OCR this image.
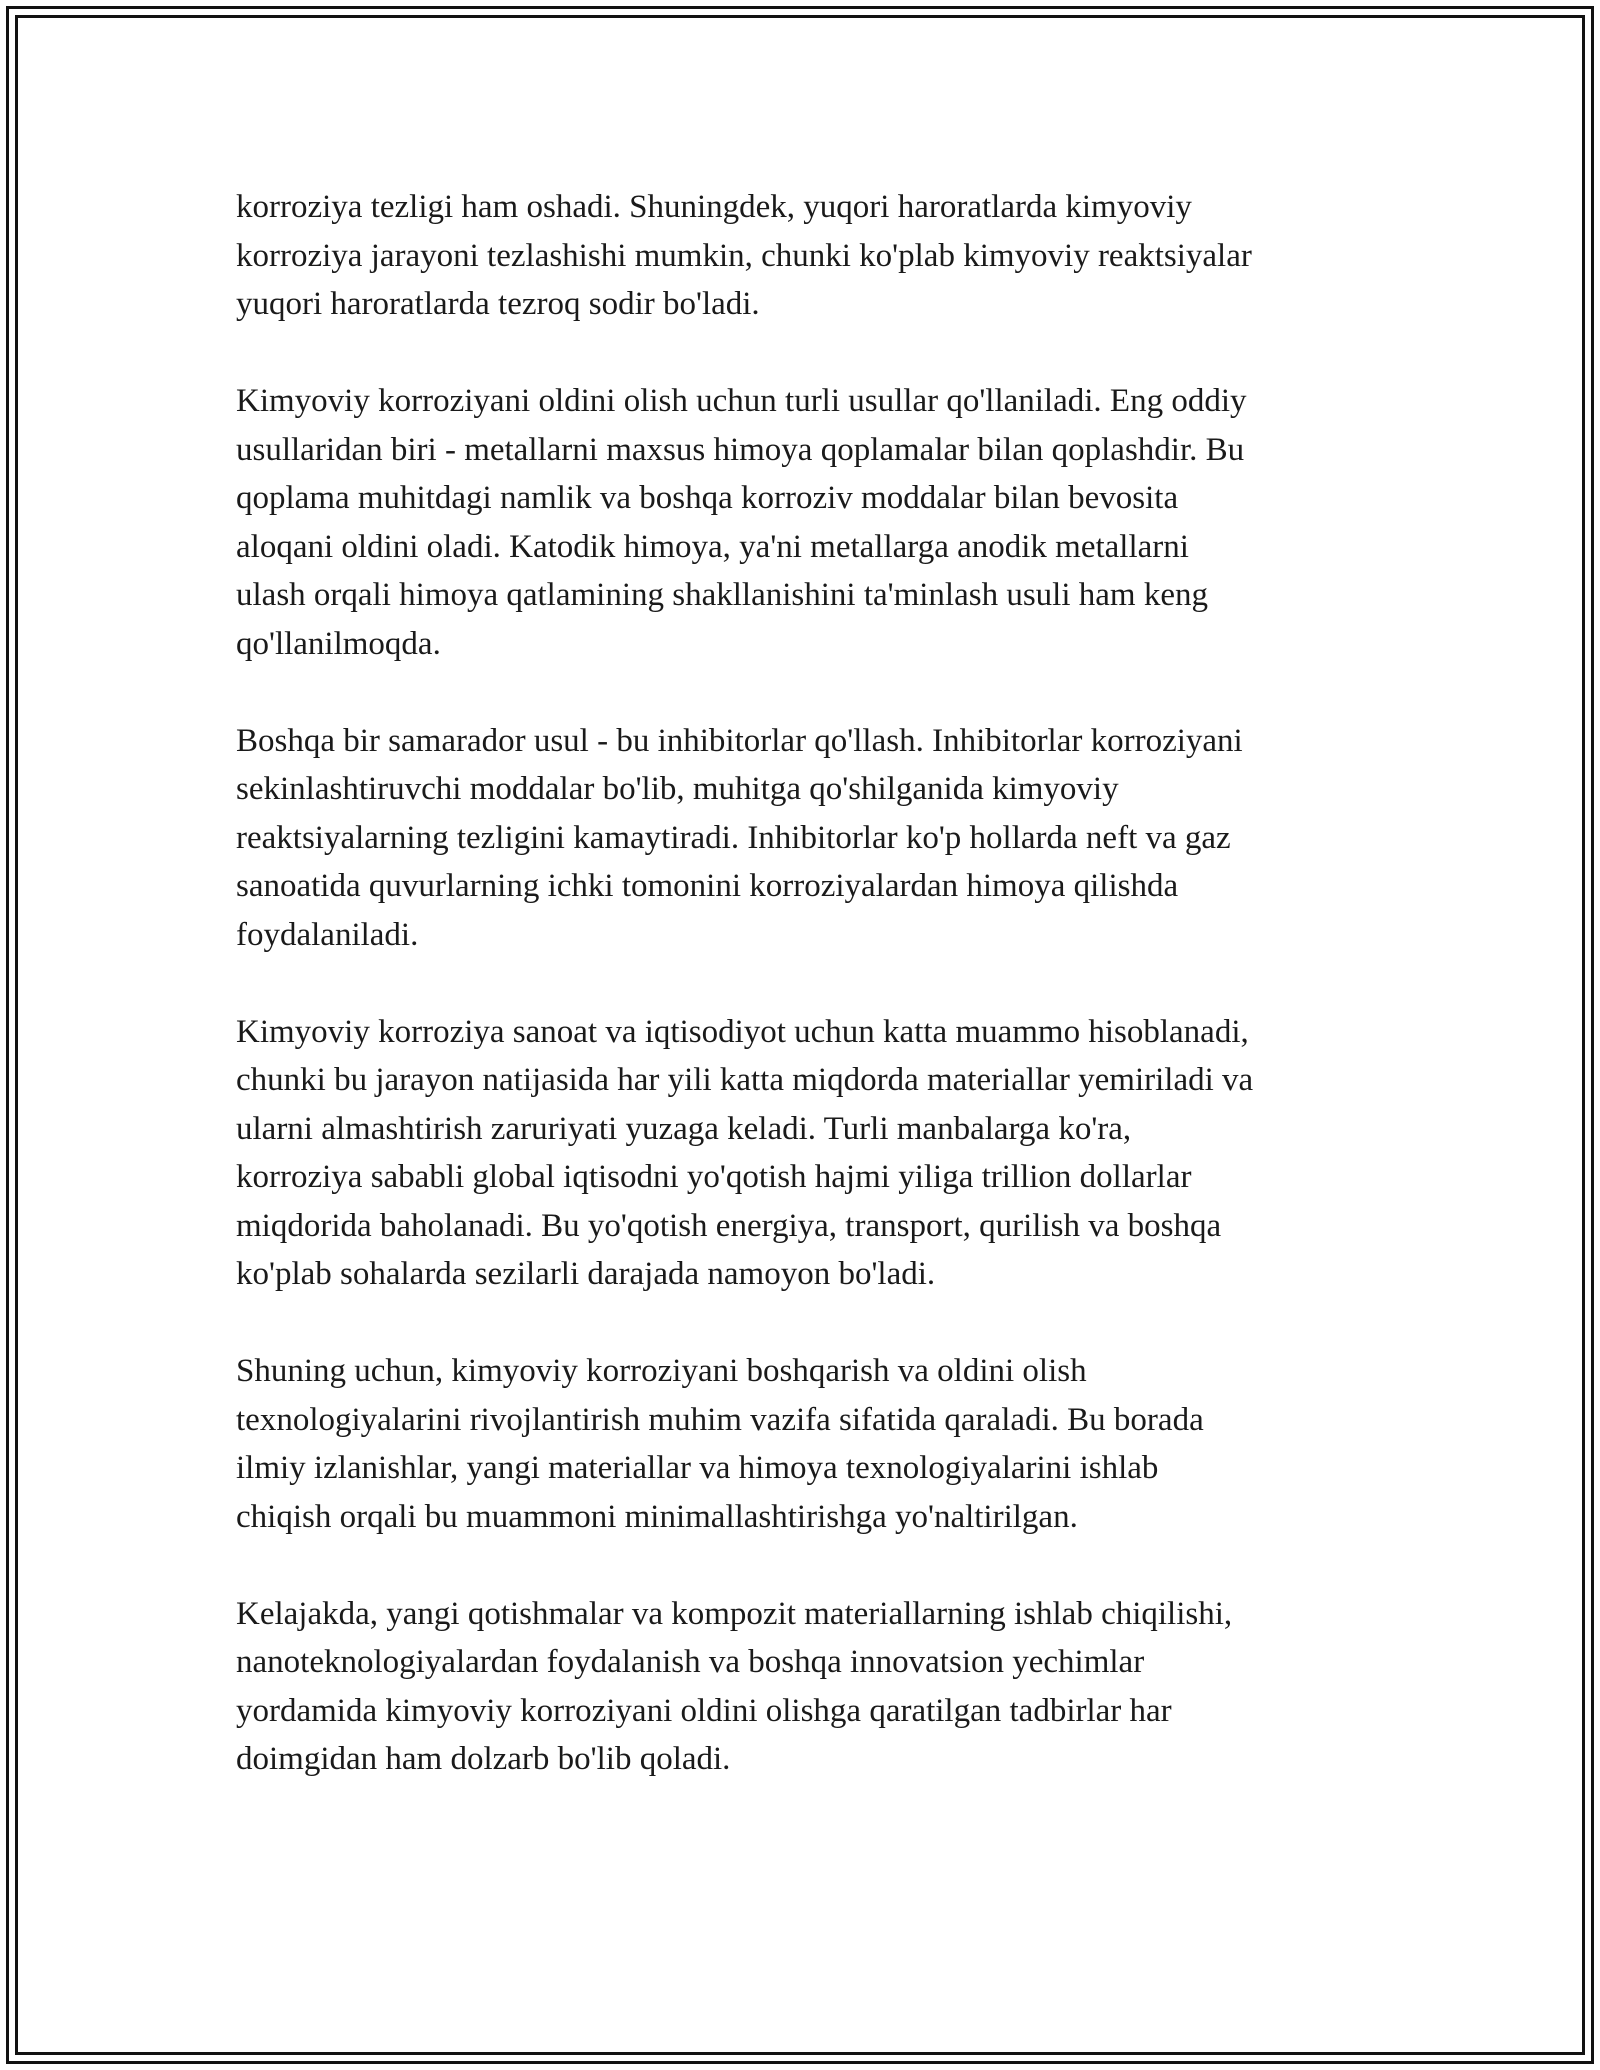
korroziya tezligi ham oshadi. Shuningdek, yuqori haroratlarda kimyoviy
korroziya jarayoni tezlashishi mumkin, chunki ko'plab kimyoviy reaktsiyalar
yuqori haroratlarda tezroq sodir bo'ladi.

Kimyoviy korroziyani oldini olish uchun turli usullar qo'llaniladi. Eng oddiy
usullaridan biri - metallarni maxsus himoya qoplamalar bilan qoplashdir. Bu
qoplama muhitdagi namlik va boshqa korroziv moddalar bilan bevosita
aloqani oldini oladi. Katodik himoya, ya'ni metallarga anodik metallarni
ulash orqali himoya qatlamining shakllanishini ta'minlash usuli ham keng
qo'llanilmoqda.

Boshqa bir samarador usul - bu inhibitorlar qo'llash. Inhibitorlar korroziyani
sekinlashtiruvchi moddalar bo'lib, muhitga qo'shilganida kimyoviy
reaktsiyalarning tezligini kamaytiradi. Inhibitorlar ko'p hollarda neft va gaz
sanoatida quvurlarning ichki tomonini korroziyalardan himoya qilishda
foydalaniladi.

Kimyoviy korroziya sanoat va iqtisodiyot uchun katta muammo hisoblanadi,
chunki bu jarayon natijasida har yili katta miqdorda materiallar yemiriladi va
ularni almashtirish zaruriyati yuzaga keladi. Turli manbalarga ko'ra,
korroziya sababli global iqtisodni yo'qotish hajmi yiliga trillion dollarlar
miqdorida baholanadi. Bu yo'qotish energiya, transport, qurilish va boshqa
ko'plab sohalarda sezilarli darajada namoyon bo'ladi.

Shuning uchun, kimyoviy korroziyani boshqarish va oldini olish
texnologiyalarini rivojlantirish muhim vazifa sifatida qaraladi. Bu borada
ilmiy izlanishlar, yangi materiallar va himoya texnologiyalarini ishlab
chiqish orqali bu muammoni minimallashtirishga yo'naltirilgan.

Kelajakda, yangi qotishmalar va kompozit materiallarning ishlab chiqilishi,
nanoteknologiyalardan foydalanish va boshqa innovatsion yechimlar
yordamida kimyoviy korroziyani oldini olishga qaratilgan tadbirlar har
doimgidan ham dolzarb bo'lib qoladi.
